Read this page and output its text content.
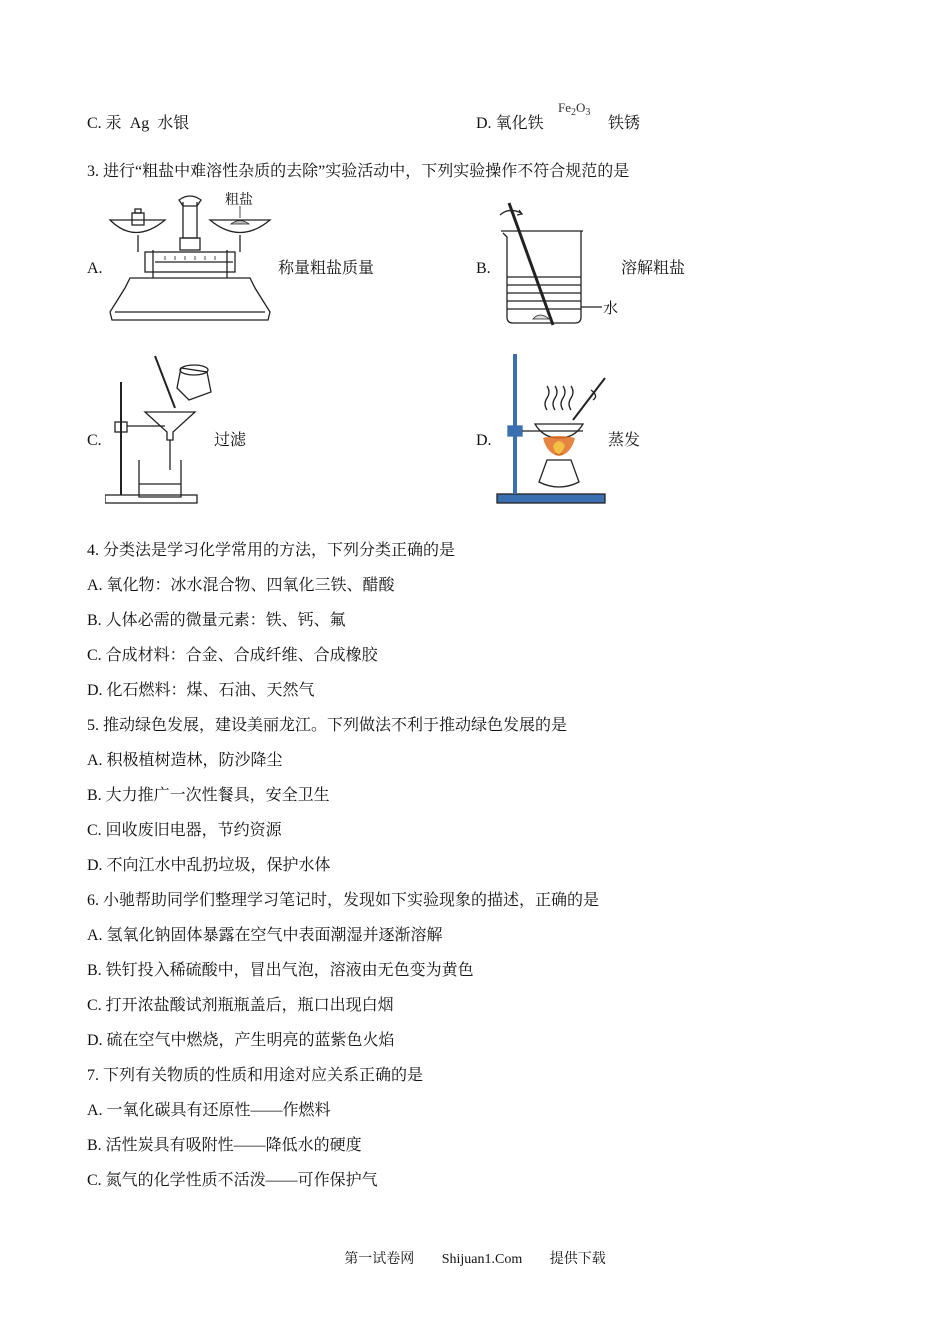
C. 汞 Ag 水银	D. 氧化铁
$Fe_2O_3$
铁锈
3. 进行“粗盐中难溶性杂质的去除”实验活动中，下列实验操作不符合规范的是
A.	称量粗盐质量	B.	溶解粗盐
C.	过滤	D.	蒸发
粗盐
水
4. 分类法是学习化学常用的方法，下列分类正确的是
A. 氧化物：冰水混合物、四氧化三铁、醋酸
B. 人体必需的微量元素：铁、钙、氟
C. 合成材料：合金、合成纤维、合成橡胶
D. 化石燃料：煤、石油、天然气
5. 推动绿色发展，建设美丽龙江。下列做法不利于推动绿色发展的是
A. 积极植树造林，防沙降尘
B. 大力推广一次性餐具，安全卫生
C. 回收废旧电器，节约资源
D. 不向江水中乱扔垃圾，保护水体
6. 小驰帮助同学们整理学习笔记时，发现如下实验现象的描述，正确的是
A. 氢氧化钠固体暴露在空气中表面潮湿并逐渐溶解
B. 铁钉投入稀硫酸中，冒出气泡，溶液由无色变为黄色
C. 打开浓盐酸试剂瓶瓶盖后，瓶口出现白烟
D. 硫在空气中燃烧，产生明亮的蓝紫色火焰
7. 下列有关物质的性质和用途对应关系正确的是
A. 一氧化碳具有还原性——作燃料
B. 活性炭具有吸附性——降低水的硬度
C. 氮气的化学性质不活泼——可作保护气
第一试卷网 Shijuan1.Com 提供下载
